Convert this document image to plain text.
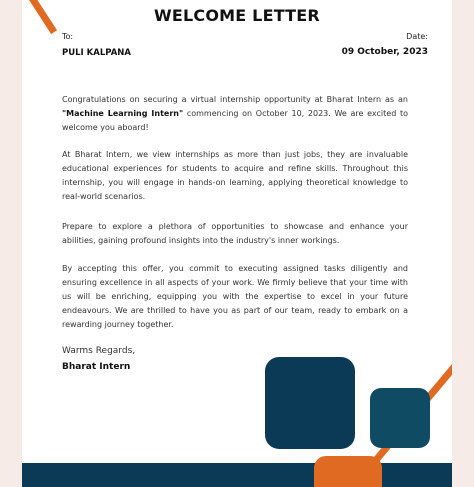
WELCOME LETTER
To:	Date:
PULI KALPANA	09 October, 2023

Congratulations on securing a virtual internship opportunity at Bharat Intern as an "Machine Learning Intern" commencing on October 10, 2023. We are excited to welcome you aboard!

At Bharat Intern, we view internships as more than just jobs, they are invaluable educational experiences for students to acquire and refine skills. Throughout this internship, you will engage in hands-on learning, applying theoretical knowledge to real-world scenarios.

Prepare to explore a plethora of opportunities to showcase and enhance your abilities, gaining profound insights into the industry's inner workings.

By accepting this offer, you commit to executing assigned tasks diligently and ensuring excellence in all aspects of your work. We firmly believe that your time with us will be enriching, equipping you with the expertise to excel in your future endeavours. We are thrilled to have you as part of our team, ready to embark on a rewarding journey together.

Warms Regards,
Bharat Intern
